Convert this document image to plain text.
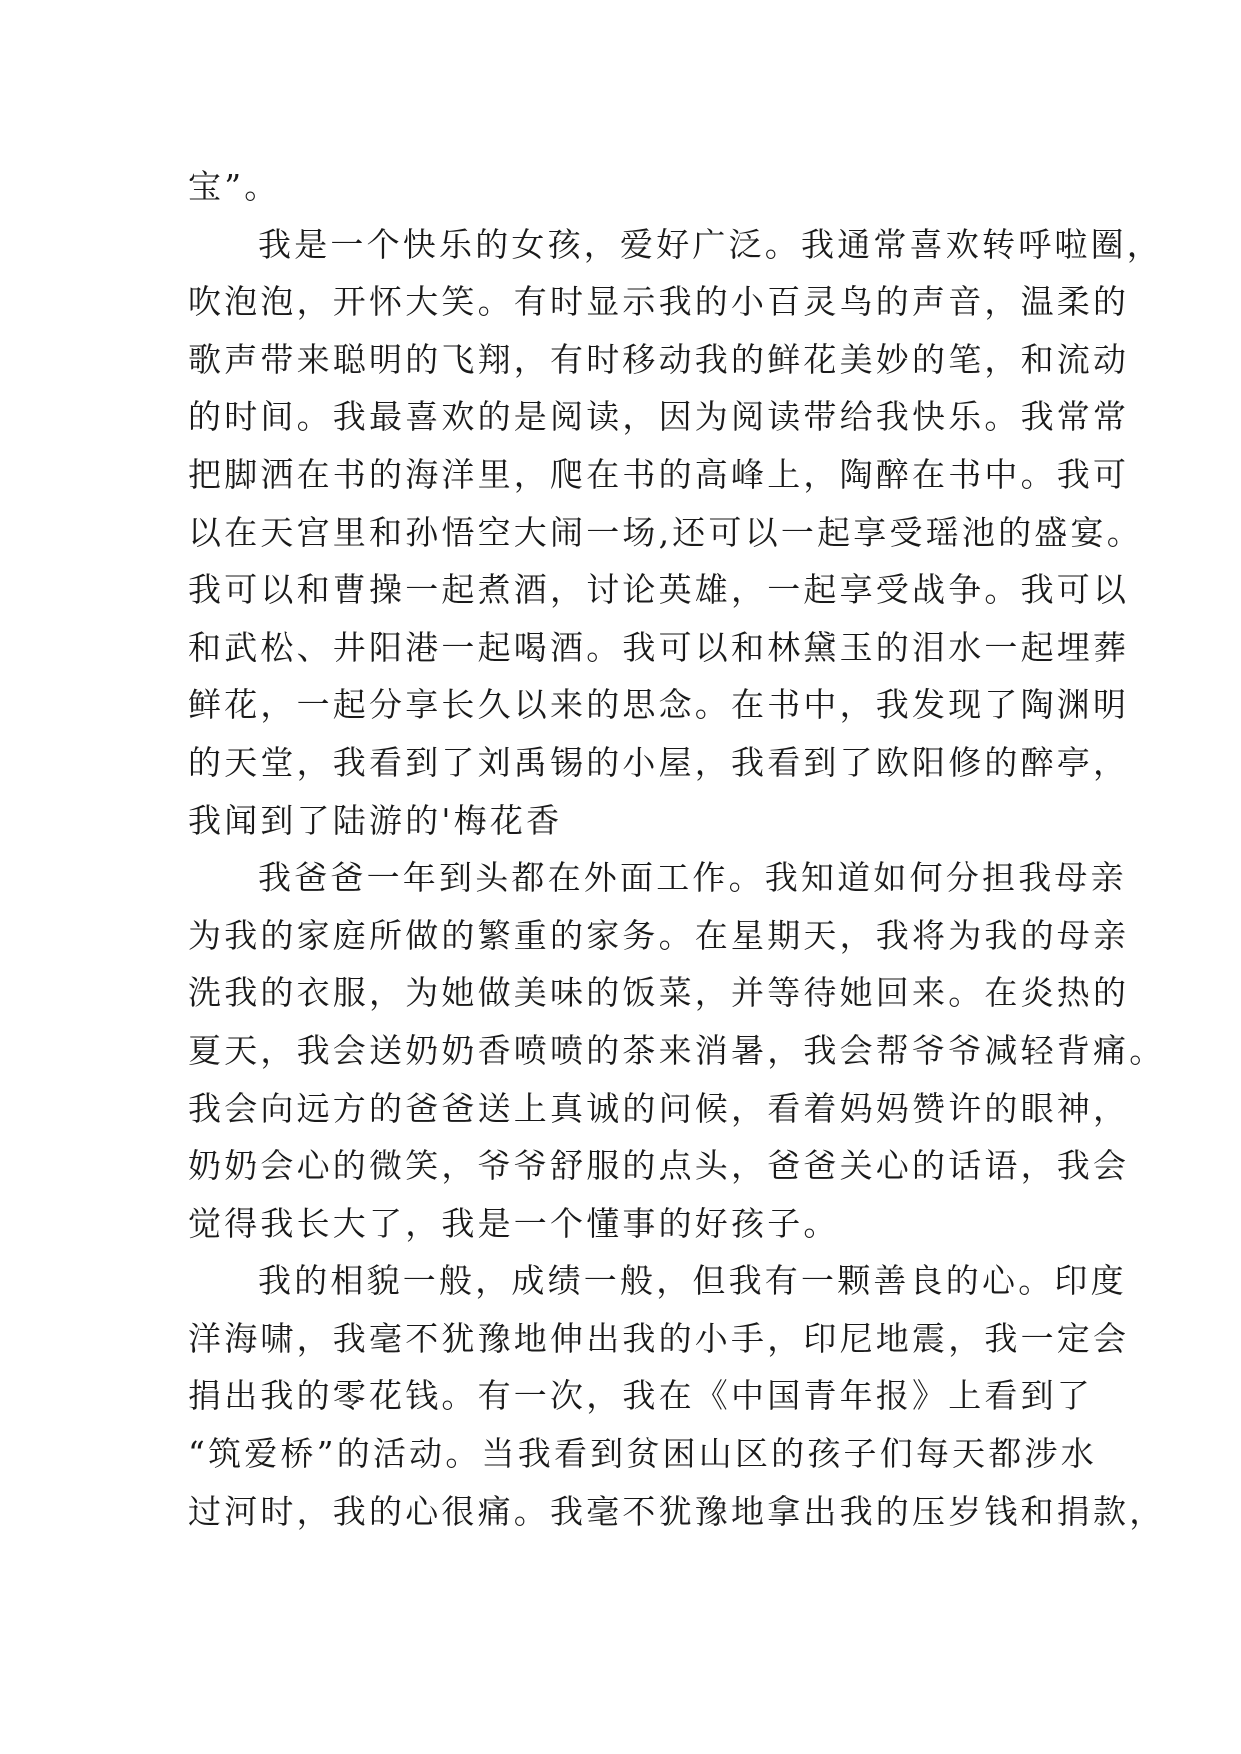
宝”。
我是一个快乐的女孩，爱好广泛。我通常喜欢转呼啦圈，
吹泡泡，开怀大笑。有时显示我的小百灵鸟的声音，温柔的
歌声带来聪明的飞翔，有时移动我的鲜花美妙的笔，和流动
的时间。我最喜欢的是阅读，因为阅读带给我快乐。我常常
把脚洒在书的海洋里，爬在书的高峰上，陶醉在书中。我可
以在天宫里和孙悟空大闹一场,还可以一起享受瑶池的盛宴。
我可以和曹操一起煮酒，讨论英雄，一起享受战争。我可以
和武松、井阳港一起喝酒。我可以和林黛玉的泪水一起埋葬
鲜花，一起分享长久以来的思念。在书中，我发现了陶渊明
的天堂，我看到了刘禹锡的小屋，我看到了欧阳修的醉亭，
我闻到了陆游的'梅花香
我爸爸一年到头都在外面工作。我知道如何分担我母亲
为我的家庭所做的繁重的家务。在星期天，我将为我的母亲
洗我的衣服，为她做美味的饭菜，并等待她回来。在炎热的
夏天，我会送奶奶香喷喷的茶来消暑，我会帮爷爷减轻背痛。
我会向远方的爸爸送上真诚的问候，看着妈妈赞许的眼神，
奶奶会心的微笑，爷爷舒服的点头，爸爸关心的话语，我会
觉得我长大了，我是一个懂事的好孩子。
我的相貌一般，成绩一般，但我有一颗善良的心。印度
洋海啸，我毫不犹豫地伸出我的小手，印尼地震，我一定会
捐出我的零花钱。有一次，我在《中国青年报》上看到了
“筑爱桥”的活动。当我看到贫困山区的孩子们每天都涉水
过河时，我的心很痛。我毫不犹豫地拿出我的压岁钱和捐款，
